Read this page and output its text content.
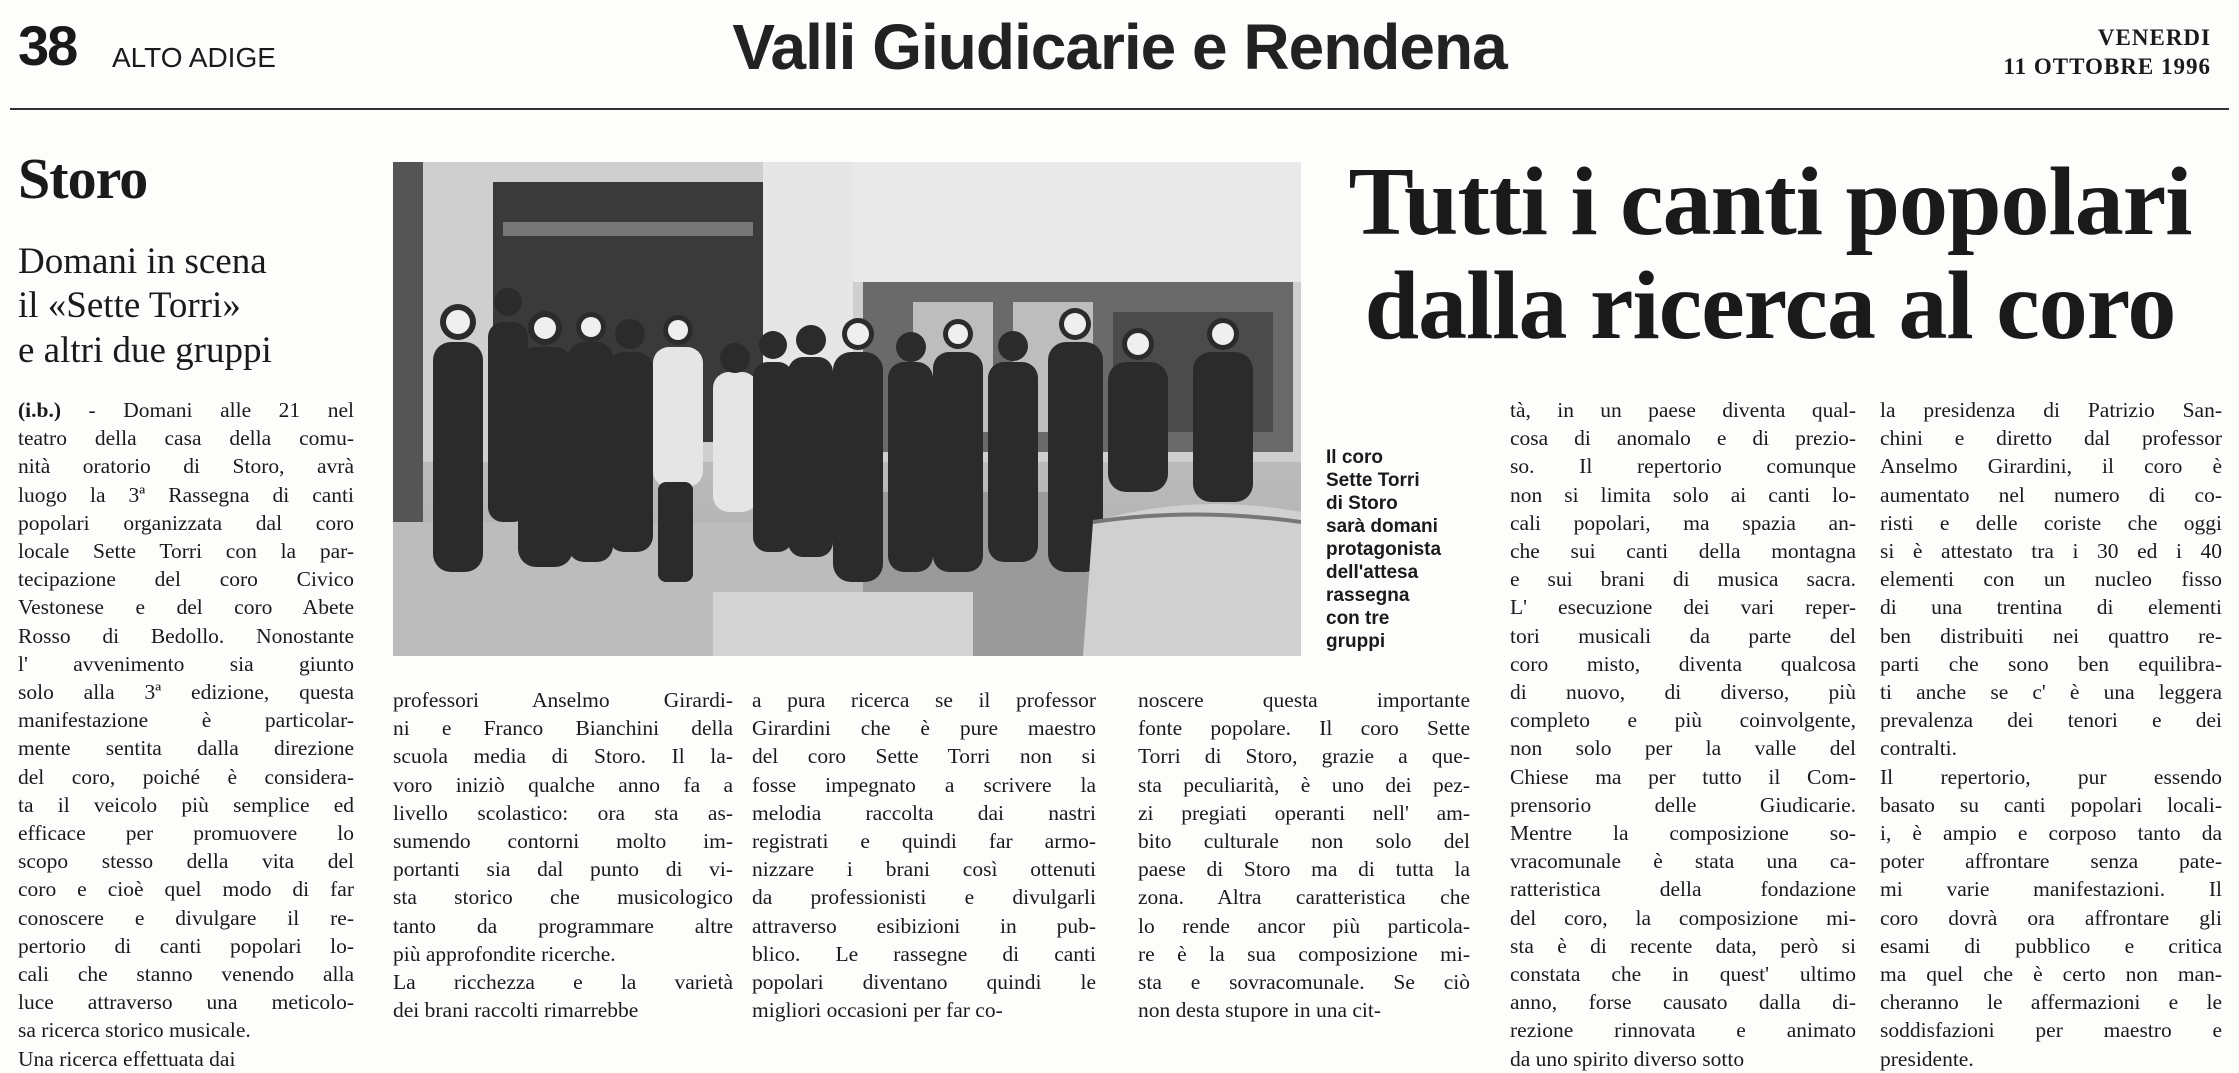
38 ALTO ADIGE	Valli Giudicarie e Rendena	VENERDI
11 OTTOBRE 1996
Storo
Domani in scena
il «Sette Torri»
e altri due gruppi
Il coro
Sette Torri
di Storo
sarà domani
protagonista
dell'attesa
rassegna
con tre
gruppi
Tutti i canti popolari
dalla ricerca al coro
(i.b.) - Domani alle 21 nel
teatro della casa della comu-
nità oratorio di Storo, avrà
luogo la 3ª Rassegna di canti
popolari organizzata dal coro
locale Sette Torri con la par-
tecipazione del coro Civico
Vestonese e del coro Abete
Rosso di Bedollo. Nonostante
l' avvenimento sia giunto
solo alla 3ª edizione, questa
manifestazione è particolar-
mente sentita dalla direzione
del coro, poiché è considera-
ta il veicolo più semplice ed
efficace per promuovere lo
scopo stesso della vita del
coro e cioè quel modo di far
conoscere e divulgare il re-
pertorio di canti popolari lo-
cali che stanno venendo alla
luce attraverso una meticolo-
sa ricerca storico musicale.
Una ricerca effettuata dai
professori Anselmo Girardi-
ni e Franco Bianchini della
scuola media di Storo. Il la-
voro iniziò qualche anno fa a
livello scolastico: ora sta as-
sumendo contorni molto im-
portanti sia dal punto di vi-
sta storico che musicologico
tanto da programmare altre
più approfondite ricerche.
La ricchezza e la varietà
dei brani raccolti rimarrebbe
a pura ricerca se il professor
Girardini che è pure maestro
del coro Sette Torri non si
fosse impegnato a scrivere la
melodia raccolta dai nastri
registrati e quindi far armo-
nizzare i brani così ottenuti
da professionisti e divulgarli
attraverso esibizioni in pub-
blico. Le rassegne di canti
popolari diventano quindi le
migliori occasioni per far co-
noscere questa importante
fonte popolare. Il coro Sette
Torri di Storo, grazie a que-
sta peculiarità, è uno dei pez-
zi pregiati operanti nell' am-
bito culturale non solo del
paese di Storo ma di tutta la
zona. Altra caratteristica che
lo rende ancor più particola-
re è la sua composizione mi-
sta e sovracomunale. Se ciò
non desta stupore in una cit-
tà, in un paese diventa qual-
cosa di anomalo e di prezio-
so. Il repertorio comunque
non si limita solo ai canti lo-
cali popolari, ma spazia an-
che sui canti della montagna
e sui brani di musica sacra.
L' esecuzione dei vari reper-
tori musicali da parte del
coro misto, diventa qualcosa
di nuovo, di diverso, più
completo e più coinvolgente,
non solo per la valle del
Chiese ma per tutto il Com-
prensorio delle Giudicarie.
Mentre la composizione so-
vracomunale è stata una ca-
ratteristica della fondazione
del coro, la composizione mi-
sta è di recente data, però si
constata che in quest' ultimo
anno, forse causato dalla di-
rezione rinnovata e animato
da uno spirito diverso sotto
la presidenza di Patrizio San-
chini e diretto dal professor
Anselmo Girardini, il coro è
aumentato nel numero di co-
risti e delle coriste che oggi
si è attestato tra i 30 ed i 40
elementi con un nucleo fisso
di una trentina di elementi
ben distribuiti nei quattro re-
parti che sono ben equilibra-
ti anche se c' è una leggera
prevalenza dei tenori e dei
contralti.
Il repertorio, pur essendo
basato su canti popolari locali-
i, è ampio e corposo tanto da
poter affrontare senza pate-
mi varie manifestazioni. Il
coro dovrà ora affrontare gli
esami di pubblico e critica
ma quel che è certo non man-
cheranno le affermazioni e le
soddisfazioni per maestro e
presidente.
